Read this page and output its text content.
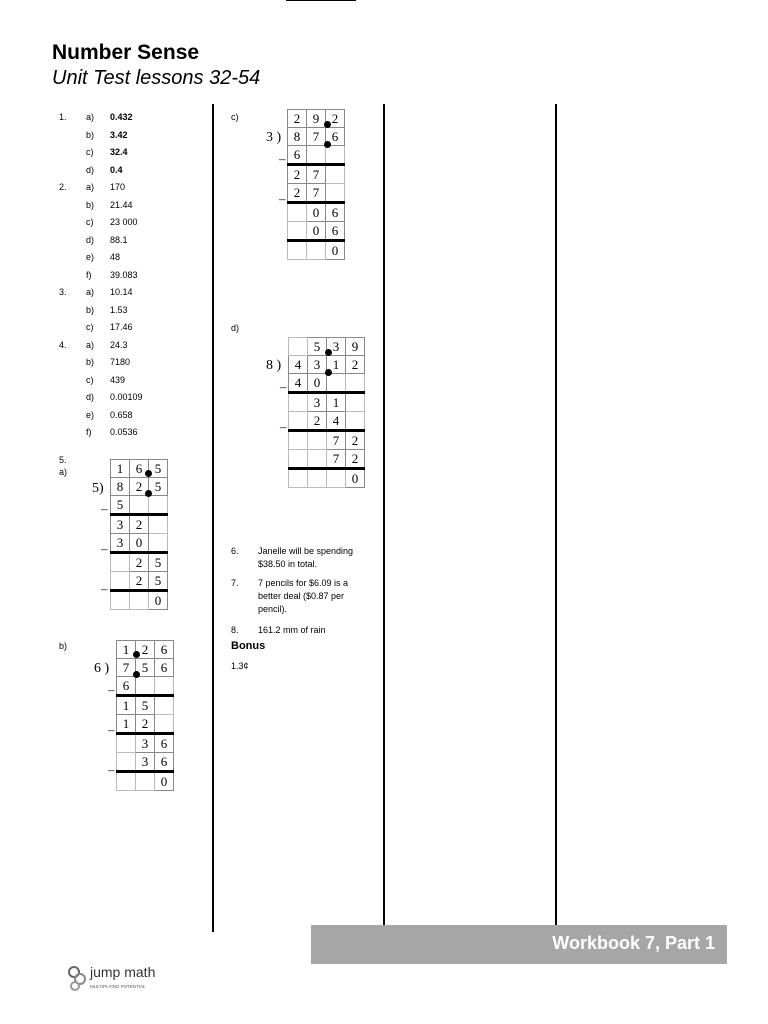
Number Sense
Unit Test lessons 32-54
1. a) 0.432
b) 3.42
c) 32.4
d) 0.4
2. a) 170
b) 21.44
c) 23 000
d) 88.1
e) 48
f) 39.083
3. a) 10.14
b) 1.53
c) 17.46
4. a) 24.3
b) 7180
c) 439
d) 0.00109
e) 0.658
f) 0.0536
5.
a)
b)
c)
d)
5)
1	6	5
8	2	5
5		
3	2	
3	0	
	2	5
	2	5
		0
–
–
–
6 )
1	2	6
7	5	6
6		
1	5	
1	2	
	3	6
	3	6
		0
–
–
–
3 )
2	9	2
8	7	6
6		
2	7	
2	7	
	0	6
	0	6
		0
–
–
8 )
	5	3	9
4	3	1	2
4	0		
	3	1	
	2	4	
		7	2
		7	2
			0
–
–
6. Janelle will be spending $38.50 in total.
7. 7 pencils for $6.09 is a better deal ($0.87 per pencil).
8. 161.2 mm of rain
Bonus
1.3¢
Workbook 7, Part 1
jump math
MULTIPLYING POTENTIAL
